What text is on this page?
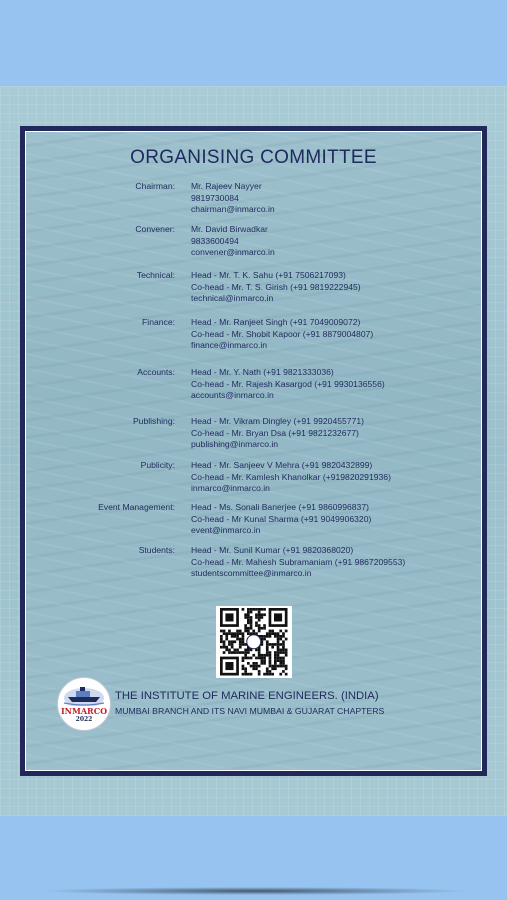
ORGANISING COMMITTEE
Chairman: Mr. Rajeev Nayyer
9819730084
chairman@inmarco.in
Convener: Mr. David Birwadkar
9833600494
convener@inmarco.in
Technical: Head - Mr. T. K. Sahu (+91 7506217093)
Co-head - Mr. T. S. Girish (+91 9819222945)
technical@inmarco.in
Finance: Head - Mr. Ranjeet Singh (+91 7049009072)
Co-head - Mr. Shobit Kapoor (+91 8879004807)
finance@inmarco.in
Accounts: Head - Mr. Y. Nath (+91 9821333036)
Co-head - Mr. Rajesh Kasargod (+91 9930136556)
accounts@inmarco.in
Publishing: Head - Mr. Vikram Dingley (+91 9920455771)
Co-head - Mr. Bryan Dsa (+91 9821232677)
publishing@inmarco.in
Publicity: Head - Mr. Sanjeev V Mehra (+91 9820432899)
Co-head - Mr. Kamlesh Khanolkar (+919820291936)
inmarco@inmarco.in
Event Management: Head - Ms. Sonali Banerjee (+91 9860996837)
Co-head - Mr Kunal Sharma (+91 9049906320)
event@inmarco.in
Students: Head - Mr. Sunil Kumar (+91 9820368020)
Co-head - Mr. Mahesh Subramaniam (+91 9867209553)
studentscommittee@inmarco.in
INMARCO
2022
THE INSTITUTE OF MARINE ENGINEERS. (INDIA)
MUMBAI BRANCH AND ITS NAVI MUMBAI & GUJARAT CHAPTERS
